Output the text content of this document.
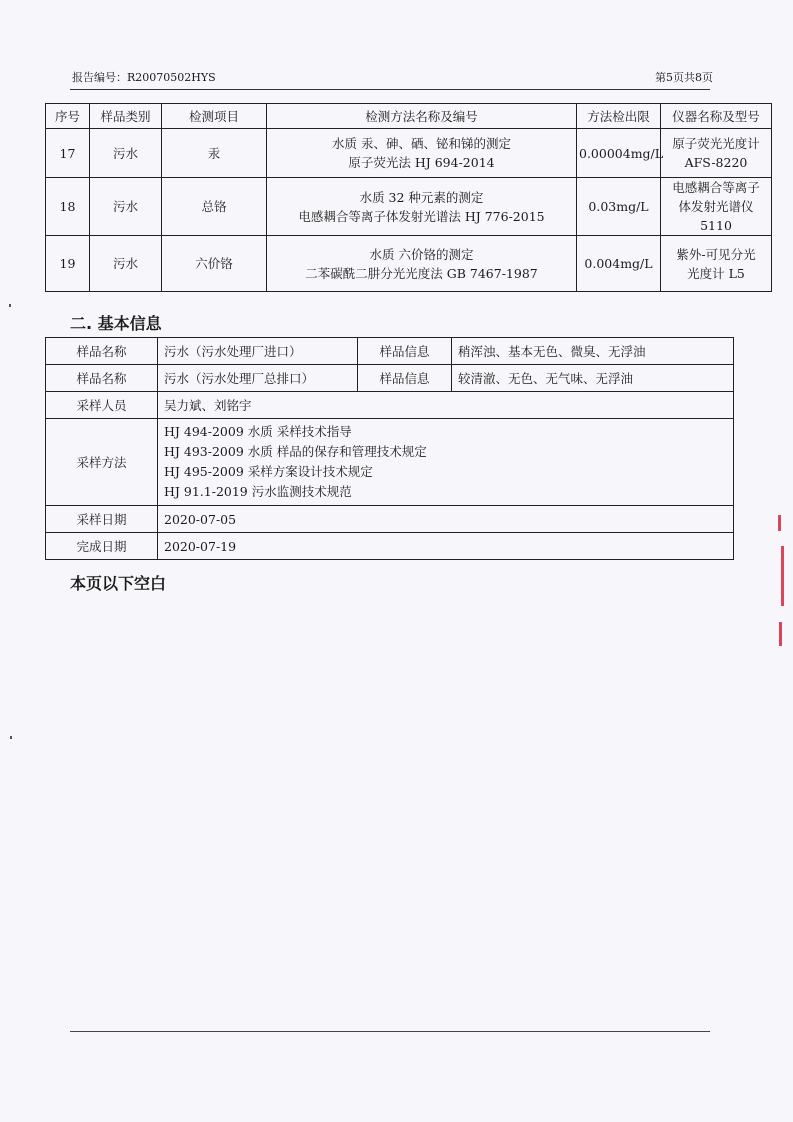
报告编号：R20070502HYS	第5页共8页
序号	样品类别	检测项目	检测方法名称及编号	方法检出限	仪器名称及型号
17	污水	汞	水质 汞、砷、硒、铋和锑的测定
原子荧光法 HJ 694-2014	0.00004mg/L	原子荧光光度计
AFS-8220

18	污水	总铬	水质 32 种元素的测定
电感耦合等离子体发射光谱法 HJ 776-2015	0.03mg/L	电感耦合等离子
体发射光谱仪
5110

19	污水	六价铬	水质 六价铬的测定
二苯碳酰二肼分光光度法 GB 7467-1987	0.004mg/L	紫外-可见分光
光度计 L5
二. 基本信息
样品名称	污水（污水处理厂进口）	样品信息	稍浑浊、基本无色、微臭、无浮油
样品名称	污水（污水处理厂总排口）	样品信息	较清澈、无色、无气味、无浮油
采样人员	吴力斌、刘铭宇		
采样方法	HJ 494-2009 水质 采样技术指导
HJ 493-2009 水质 样品的保存和管理技术规定
HJ 495-2009 采样方案设计技术规定
HJ 91.1-2019 污水监测技术规范		

采样日期	2020-07-05		
完成日期	2020-07-19		
本页以下空白
